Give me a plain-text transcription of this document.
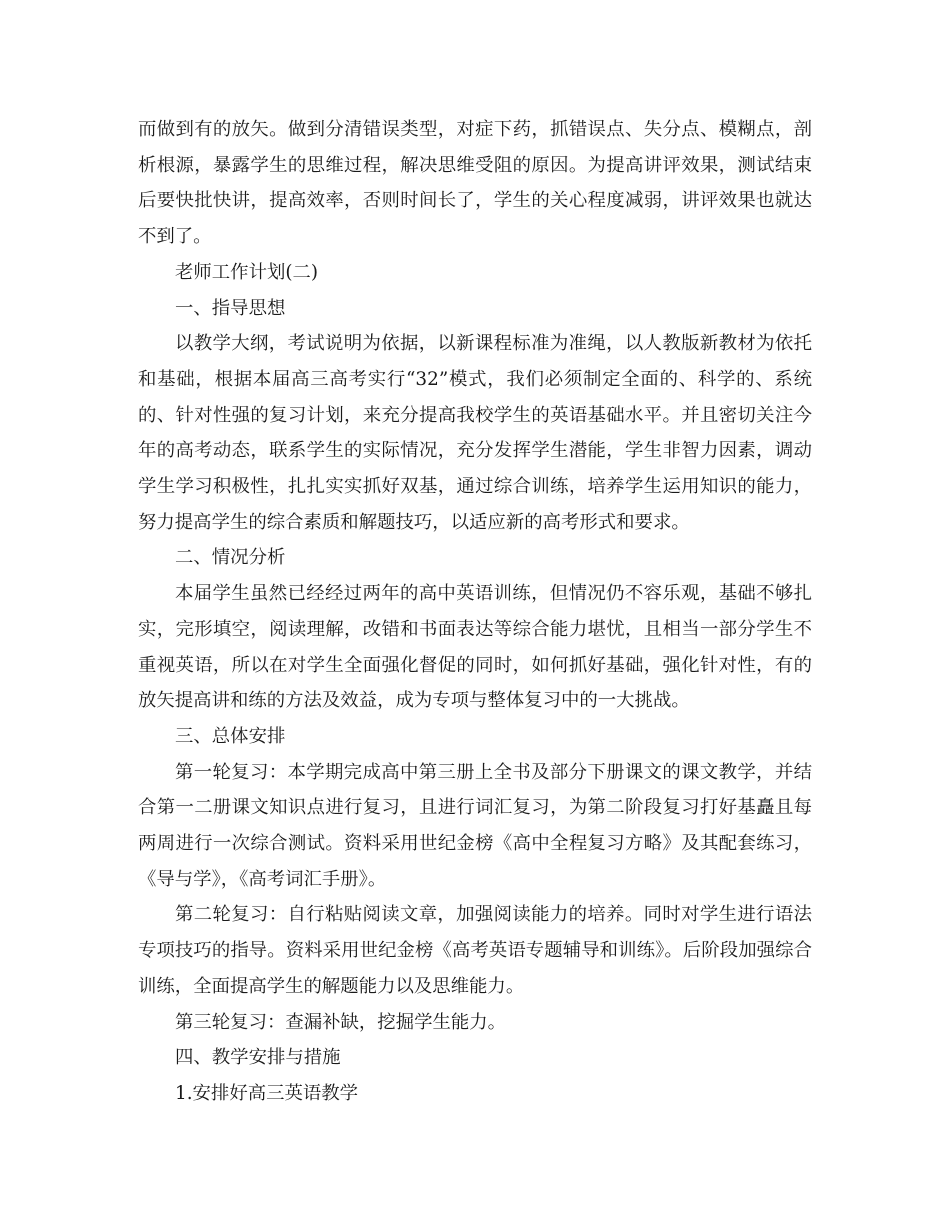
而做到有的放矢。做到分清错误类型，对症下药，抓错误点、失分点、模糊点，剖析根源，暴露学生的思维过程，解决思维受阻的原因。为提高讲评效果，测试结束后要快批快讲，提高效率，否则时间长了，学生的关心程度减弱，讲评效果也就达不到了。

老师工作计划(二)

一、指导思想

以教学大纲，考试说明为依据，以新课程标准为准绳，以人教版新教材为依托和基础，根据本届高三高考实行“32”模式，我们必须制定全面的、科学的、系统的、针对性强的复习计划，来充分提高我校学生的英语基础水平。并且密切关注今年的高考动态，联系学生的实际情况，充分发挥学生潜能，学生非智力因素，调动学生学习积极性，扎扎实实抓好双基，通过综合训练，培养学生运用知识的能力，努力提高学生的综合素质和解题技巧，以适应新的高考形式和要求。

二、情况分析

本届学生虽然已经经过两年的高中英语训练，但情况仍不容乐观，基础不够扎实，完形填空，阅读理解，改错和书面表达等综合能力堪忧，且相当一部分学生不重视英语，所以在对学生全面强化督促的同时，如何抓好基础，强化针对性，有的放矢提高讲和练的方法及效益，成为专项与整体复习中的一大挑战。

三、总体安排

第一轮复习：本学期完成高中第三册上全书及部分下册课文的课文教学，并结合第一二册课文知识点进行复习，且进行词汇复习，为第二阶段复习打好基矗且每两周进行一次综合测试。资料采用世纪金榜《高中全程复习方略》及其配套练习，《导与学》，《高考词汇手册》。

第二轮复习：自行粘贴阅读文章，加强阅读能力的培养。同时对学生进行语法专项技巧的指导。资料采用世纪金榜《高考英语专题辅导和训练》。后阶段加强综合训练，全面提高学生的解题能力以及思维能力。

第三轮复习：查漏补缺，挖掘学生能力。

四、教学安排与措施

1.安排好高三英语教学
